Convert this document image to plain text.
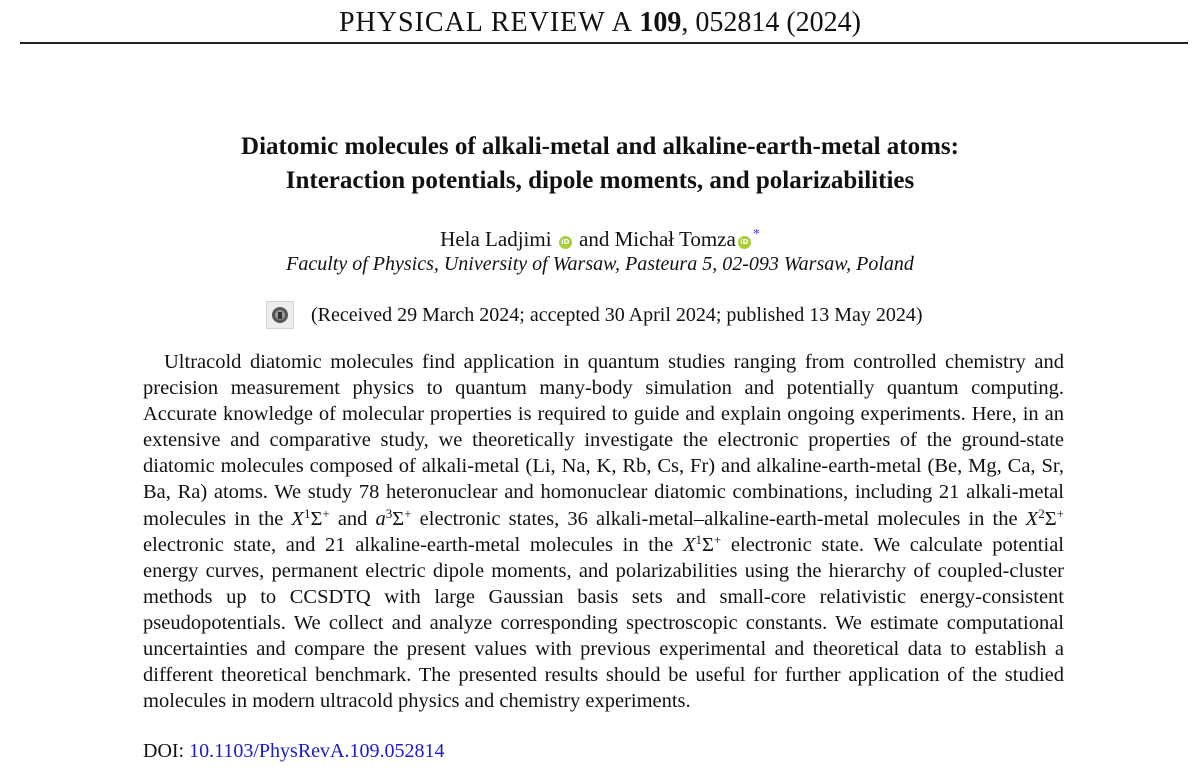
PHYSICAL REVIEW A 109, 052814 (2024)
Diatomic molecules of alkali-metal and alkaline-earth-metal atoms:
Interaction potentials, dipole moments, and polarizabilities
Hela Ladjimi iD and Michał Tomza iD *
Faculty of Physics, University of Warsaw, Pasteura 5, 02-093 Warsaw, Poland
(Received 29 March 2024; accepted 30 April 2024; published 13 May 2024)

Ultracold diatomic molecules find application in quantum studies ranging from controlled chemistry and precision measurement physics to quantum many-body simulation and potentially quantum computing. Accurate knowledge of molecular properties is required to guide and explain ongoing experiments. Here, in an extensive and comparative study, we theoretically investigate the electronic properties of the ground-state diatomic molecules composed of alkali-metal (Li, Na, K, Rb, Cs, Fr) and alkaline-earth-metal (Be, Mg, Ca, Sr, Ba, Ra) atoms. We study 78 heteronuclear and homonuclear diatomic combinations, including 21 alkali-metal molecules in the $X^1\Sigma^+$ and $a^3\Sigma^+$ electronic states, 36 alkali-metal–alkaline-earth-metal molecules in the $X^2\Sigma^+$ electronic state, and 21 alkaline-earth-metal molecules in the $X^1\Sigma^+$ electronic state. We calculate potential energy curves, permanent electric dipole moments, and polarizabilities using the hierarchy of coupled-cluster methods up to CCSDTQ with large Gaussian basis sets and small-core relativistic energy-consistent pseudopotentials. We collect and analyze corresponding spectroscopic constants. We estimate computational uncertainties and compare the present values with previous experimental and theoretical data to establish a different theoretical benchmark. The presented results should be useful for further application of the studied molecules in modern ultracold physics and chemistry experiments.

DOI: 10.1103/PhysRevA.109.052814
